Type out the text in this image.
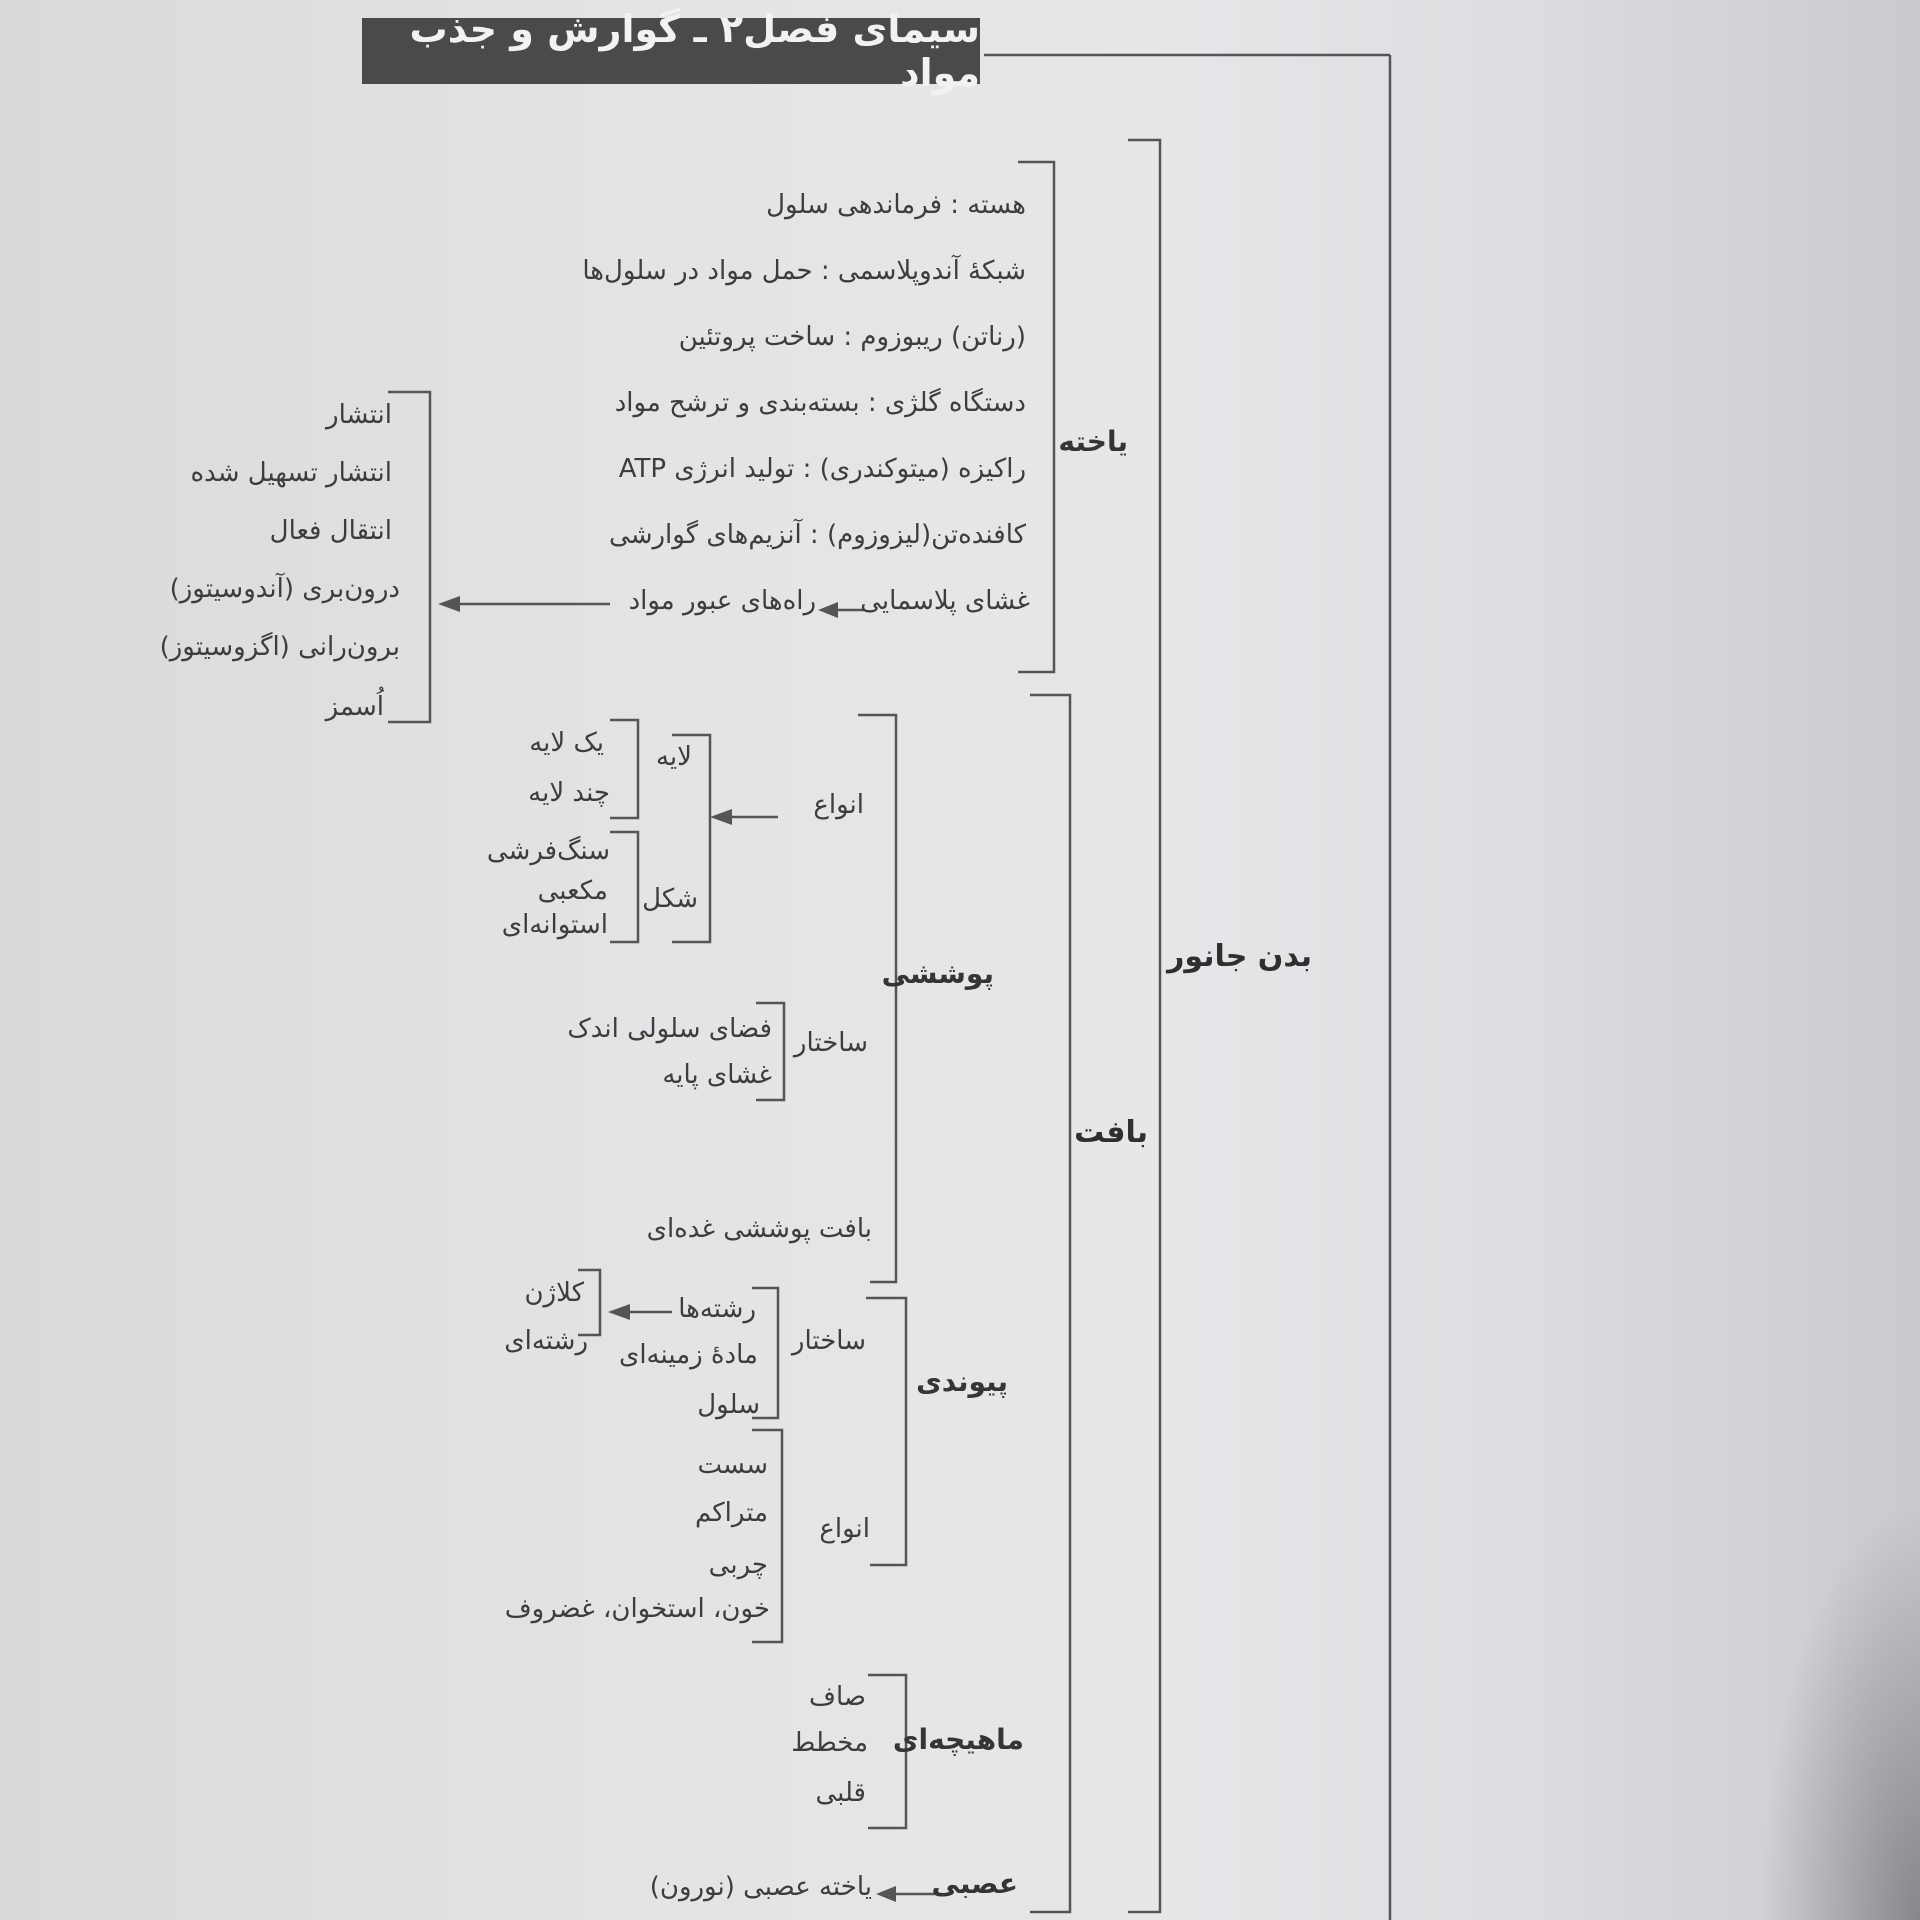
سیمای فصل۲ ـ گوارش و جذب مواد
بدن جانور
یاخته
هسته : فرماندهی سلول
شبکهٔ آندوپلاسمی : حمل مواد در سلول‌ها
(رناتن) ریبوزوم : ساخت پروتئین
دستگاه گلژی : بسته‌بندی و ترشح مواد
راکیزه (میتوکندری) : تولید انرژی ATP
کافنده‌تن(لیزوزوم) : آنزیم‌های گوارشی
غشای پلاسمایی
راه‌های عبور مواد
انتشار
انتشار تسهیل شده
انتقال فعال
درون‌بری (آندوسیتوز)
برون‌رانی (اگزوسیتوز)
اُسمز
بافت
پوششی
انواع
لایه
یک لایه
چند لایه
شکل
سنگ‌فرشی
مکعبی
استوانه‌ای
ساختار
فضای سلولی اندک
غشای پایه
بافت پوششی غده‌ای
پیوندی
ساختار
رشته‌ها
مادهٔ زمینه‌ای
سلول
کلاژن
رشته‌ای
انواع
سست
متراکم
چربی
خون، استخوان، غضروف
ماهیچه‌ای
صاف
مخطط
قلبی
عصبی
یاخته عصبی (نورون)
